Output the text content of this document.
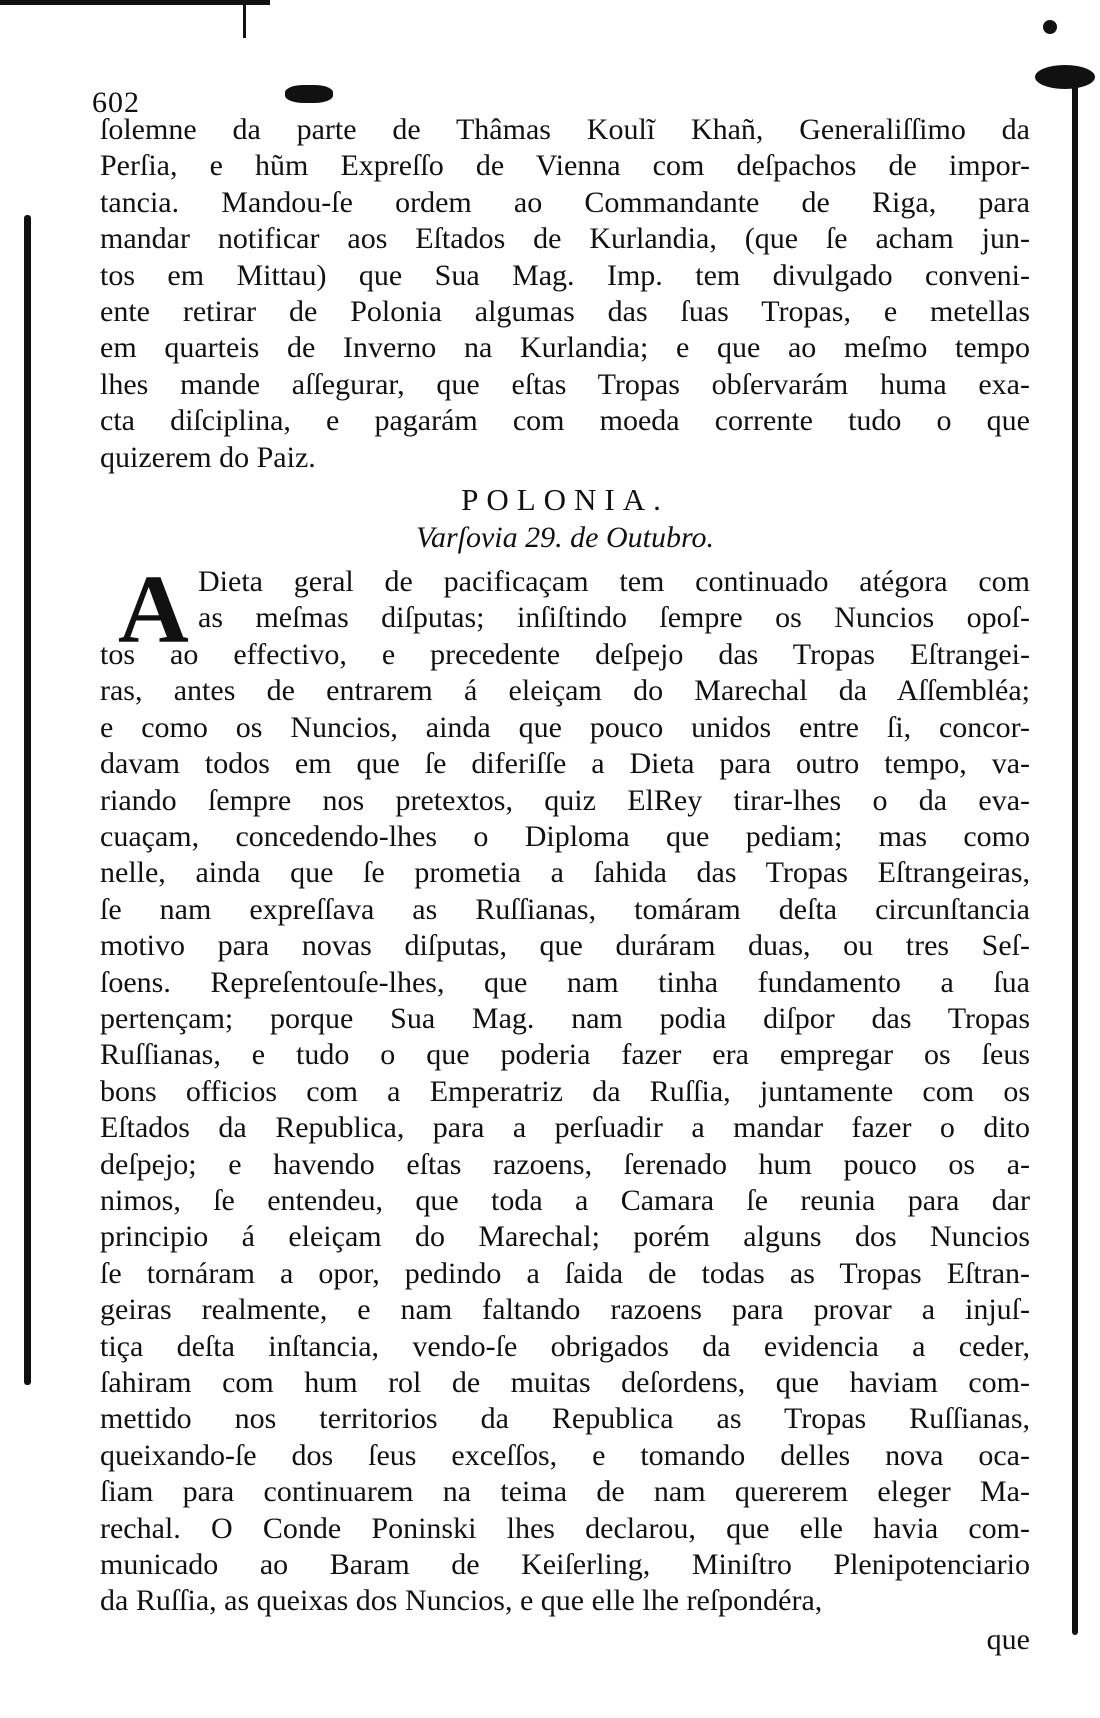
602
ſolemne da parte de Thâmas Koulĩ Khañ, Generaliſſimo da
Perſia, e hũm Expreſſo de Vienna com deſpachos de impor-
tancia. Mandou-ſe ordem ao Commandante de Riga, para
mandar notificar aos Eſtados de Kurlandia, (que ſe acham jun-
tos em Mittau) que Sua Mag. Imp. tem divulgado conveni-
ente retirar de Polonia algumas das ſuas Tropas, e metellas
em quarteis de Inverno na Kurlandia; e que ao meſmo tempo
lhes mande aſſegurar, que eſtas Tropas obſervarám huma exa-
cta diſciplina, e pagarám com moeda corrente tudo o que
quizerem do Paiz.
POLONIA.
Varſovia 29. de Outubro.
A Dieta geral de pacificaçam tem continuado atégora com
as meſmas diſputas; inſiſtindo ſempre os Nuncios opoſ-
tos ao effectivo, e precedente deſpejo das Tropas Eſtrangei-
ras, antes de entrarem á eleiçam do Marechal da Aſſembléa;
e como os Nuncios, ainda que pouco unidos entre ſi, concor-
davam todos em que ſe diferiſſe a Dieta para outro tempo, va-
riando ſempre nos pretextos, quiz ElRey tirar-lhes o da eva-
cuaçam, concedendo-lhes o Diploma que pediam; mas como
nelle, ainda que ſe prometia a ſahida das Tropas Eſtrangeiras,
ſe nam expreſſava as Ruſſianas, tomáram deſta circunſtancia
motivo para novas diſputas, que duráram duas, ou tres Seſ-
ſoens. Repreſentouſe-lhes, que nam tinha fundamento a ſua
pertençam; porque Sua Mag. nam podia diſpor das Tropas
Ruſſianas, e tudo o que poderia fazer era empregar os ſeus
bons officios com a Emperatriz da Ruſſia, juntamente com os
Eſtados da Republica, para a perſuadir a mandar fazer o dito
deſpejo; e havendo eſtas razoens, ſerenado hum pouco os a-
nimos, ſe entendeu, que toda a Camara ſe reunia para dar
principio á eleiçam do Marechal; porém alguns dos Nuncios
ſe tornáram a opor, pedindo a ſaida de todas as Tropas Eſtran-
geiras realmente, e nam faltando razoens para provar a injuſ-
tiça deſta inſtancia, vendo-ſe obrigados da evidencia a ceder,
ſahiram com hum rol de muitas deſordens, que haviam com-
mettido nos territorios da Republica as Tropas Ruſſianas,
queixando-ſe dos ſeus exceſſos, e tomando delles nova oca-
ſiam para continuarem na teima de nam quererem eleger Ma-
rechal. O Conde Poninski lhes declarou, que elle havia com-
municado ao Baram de Keiſerling, Miniſtro Plenipotenciario
da Ruſſia, as queixas dos Nuncios, e que elle lhe reſpondéra,
que
